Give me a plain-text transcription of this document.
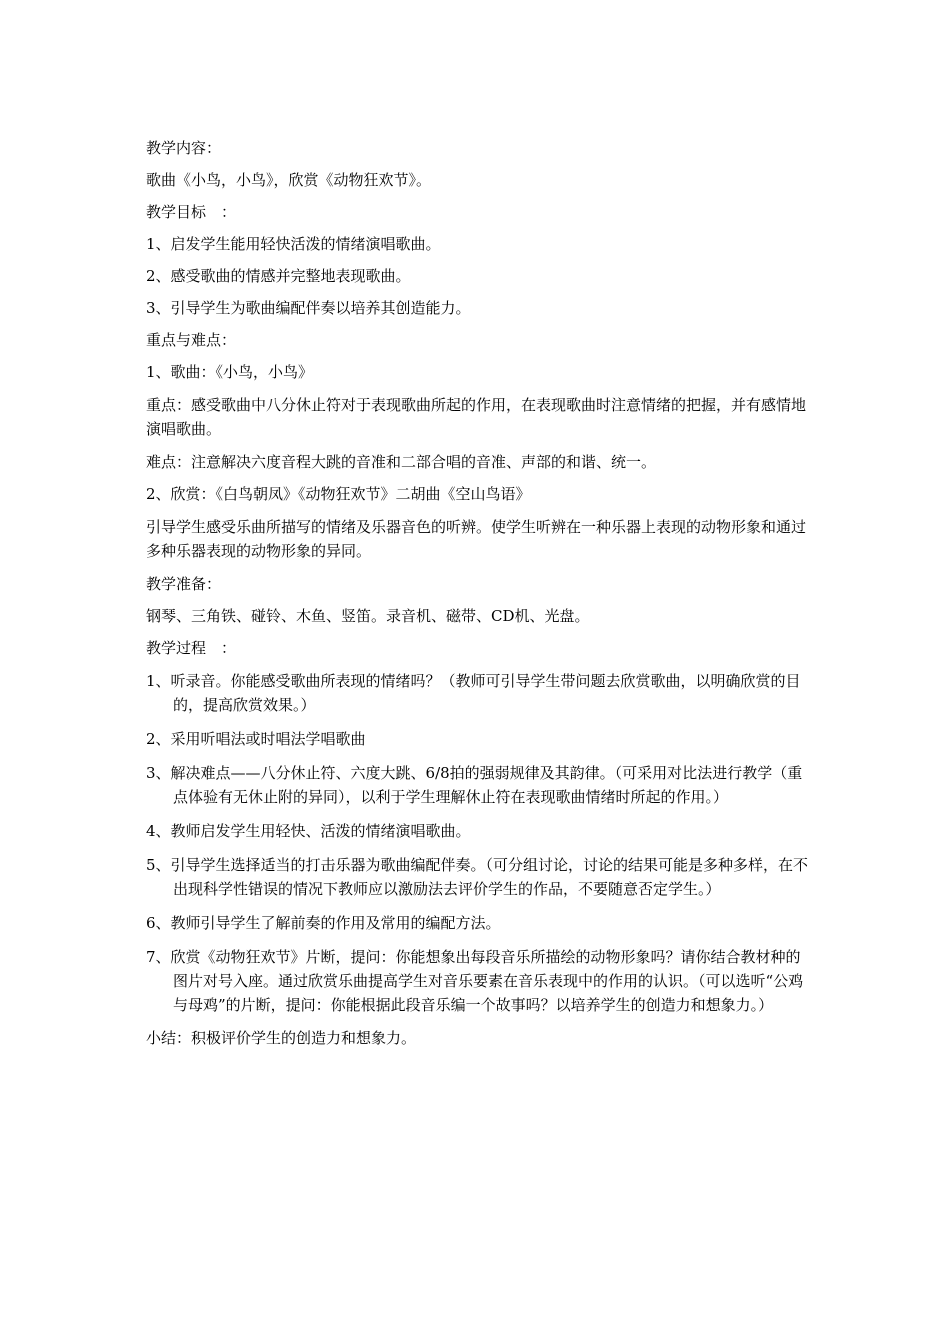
教学内容：

歌曲《小鸟，小鸟》，欣赏《动物狂欢节》。

教学目标　：

1、启发学生能用轻快活泼的情绪演唱歌曲。

2、感受歌曲的情感并完整地表现歌曲。

3、引导学生为歌曲编配伴奏以培养其创造能力。

重点与难点：

1、歌曲：《小鸟，小鸟》

重点：感受歌曲中八分休止符对于表现歌曲所起的作用，在表现歌曲时注意情绪的把握，并有感情地演唱歌曲。

难点：注意解决六度音程大跳的音准和二部合唱的音准、声部的和谐、统一。

2、欣赏：《白鸟朝凤》《动物狂欢节》二胡曲《空山鸟语》

引导学生感受乐曲所描写的情绪及乐器音色的听辨。使学生听辨在一种乐器上表现的动物形象和通过多种乐器表现的动物形象的异同。

教学准备：

钢琴、三角铁、碰铃、木鱼、竖笛。录音机、磁带、CD机、光盘。

教学过程　：

1、听录音。你能感受歌曲所表现的情绪吗？（教师可引导学生带问题去欣赏歌曲，以明确欣赏的目的，提高欣赏效果。）

2、采用听唱法或时唱法学唱歌曲

3、解决难点——八分休止符、六度大跳、6/8拍的强弱规律及其韵律。（可采用对比法进行教学（重点体验有无休止附的异同），以利于学生理解休止符在表现歌曲情绪时所起的作用。）

4、教师启发学生用轻快、活泼的情绪演唱歌曲。

5、引导学生选择适当的打击乐器为歌曲编配伴奏。（可分组讨论，讨论的结果可能是多种多样，在不出现科学性错误的情况下教师应以激励法去评价学生的作品，不要随意否定学生。）

6、教师引导学生了解前奏的作用及常用的编配方法。

7、欣赏《动物狂欢节》片断，提问：你能想象出每段音乐所描绘的动物形象吗？请你结合教材种的图片对号入座。通过欣赏乐曲提高学生对音乐要素在音乐表现中的作用的认识。（可以选听“公鸡与母鸡”的片断，提问：你能根据此段音乐编一个故事吗？以培养学生的创造力和想象力。）

小结：积极评价学生的创造力和想象力。
